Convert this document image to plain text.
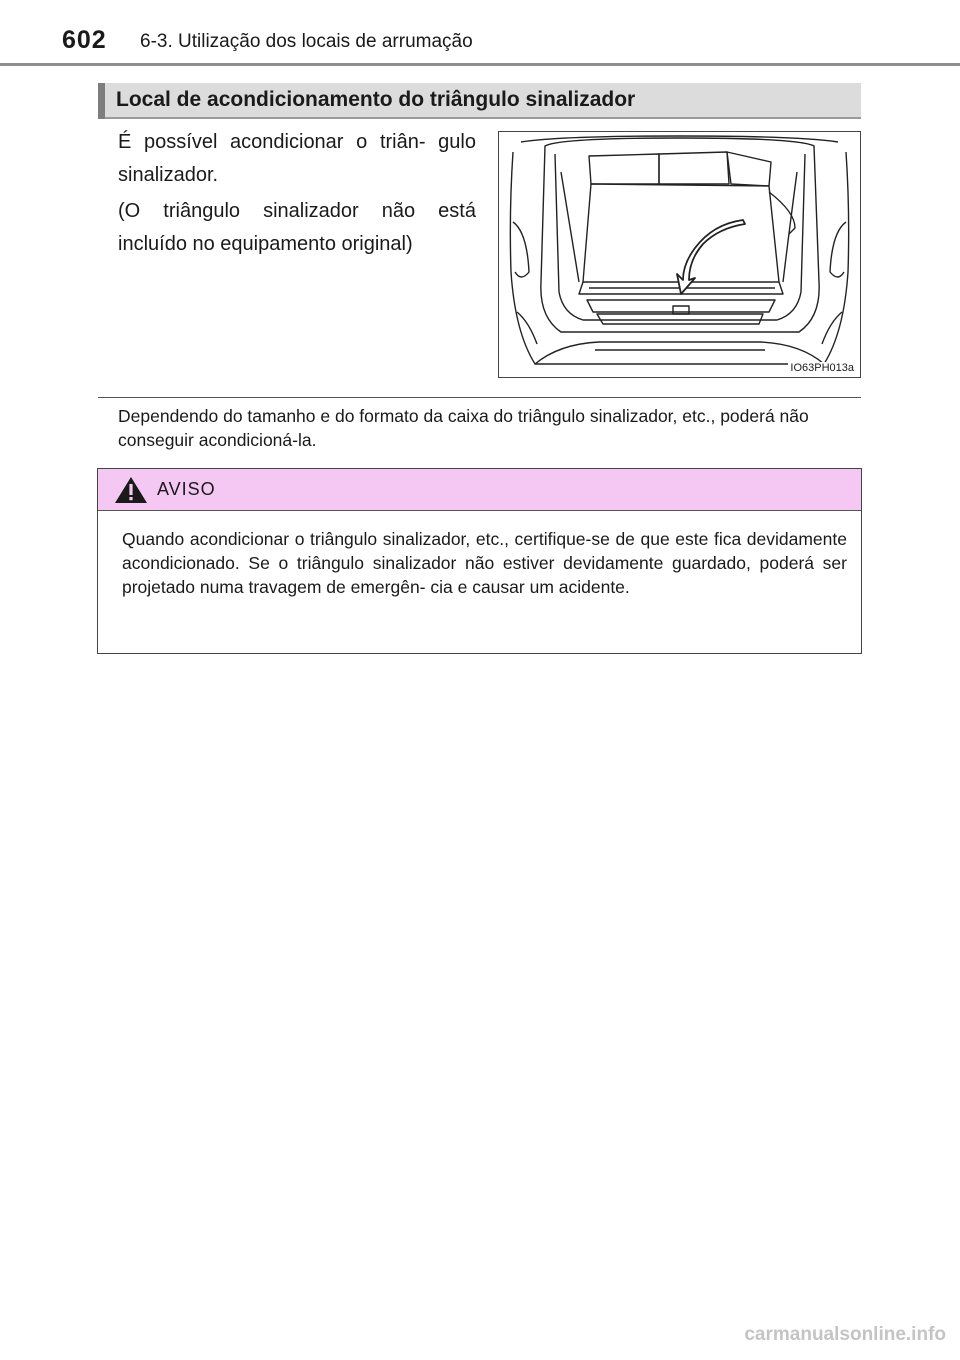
602 6-3. Utilização dos locais de arrumação
Local de acondicionamento do triângulo sinalizador

É possível acondicionar o triân- gulo sinalizador.

(O triângulo sinalizador não está incluído no equipamento original)

IO63PH013a
Dependendo do tamanho e do formato da caixa do triângulo sinalizador, etc., poderá não conseguir acondicioná-la.
AVISO
Quando acondicionar o triângulo sinalizador, etc., certifique-se de que este fica devidamente acondicionado. Se o triângulo sinalizador não estiver devidamente guardado, poderá ser projetado numa travagem de emergên- cia e causar um acidente.
carmanualsonline.info
